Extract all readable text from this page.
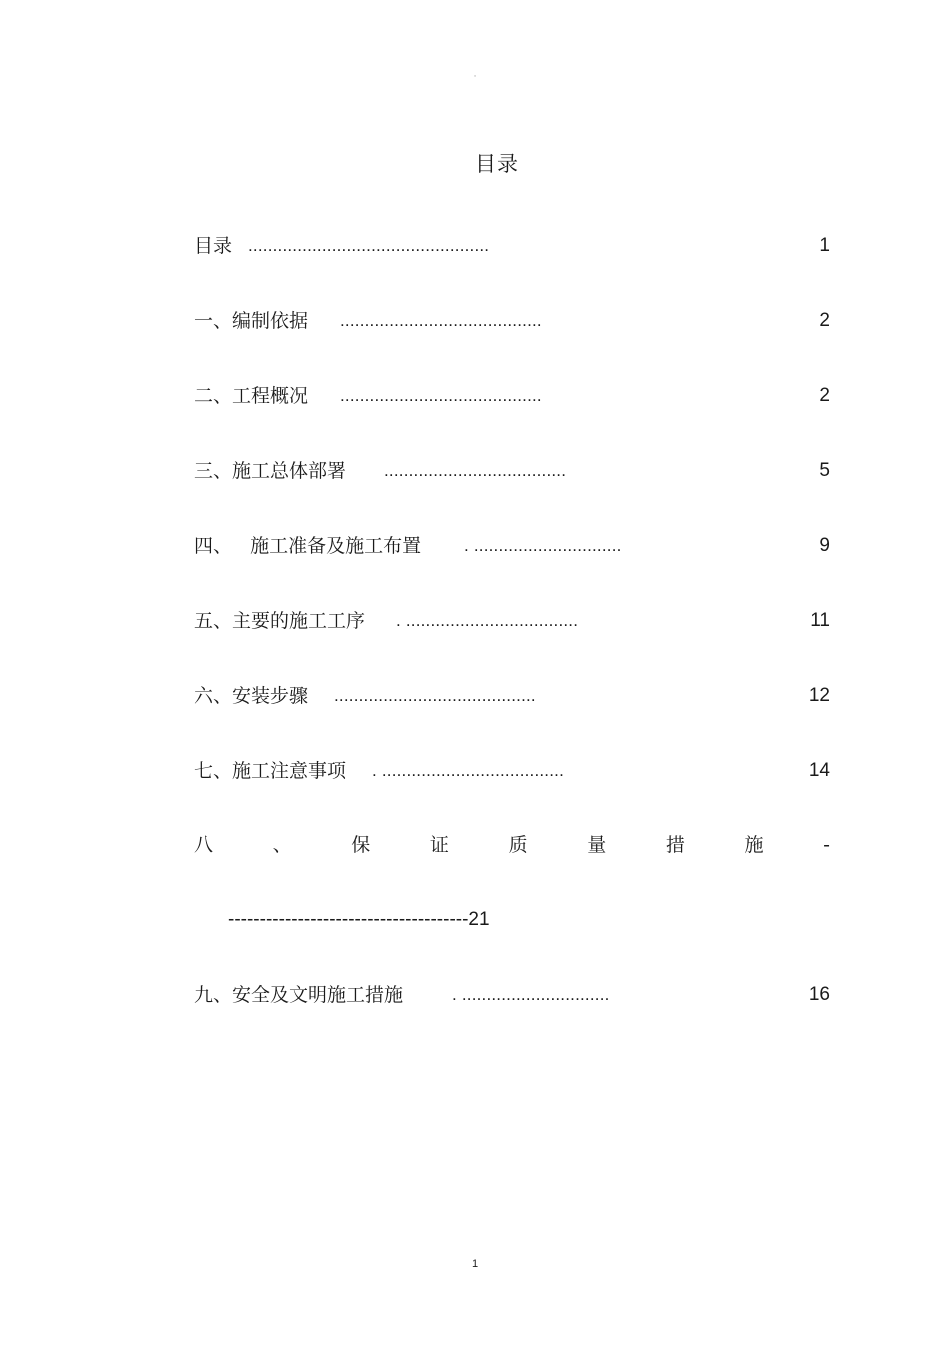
·
目录
目录 .................................................	1
一、编制依据 .........................................	2
二、工程概况 .........................................	2
三、施工总体部署 .....................................	5
四、   施工准备及施工布置	. ..............................	9
五、主要的施工工序 . ...................................	11
六、安装步骤 .........................................	12
七、施工注意事项 . .....................................	14
八	、	保	证	质	量	措	施	-
--------------------------------------21
九、安全及文明施工措施	. ..............................	16
1
